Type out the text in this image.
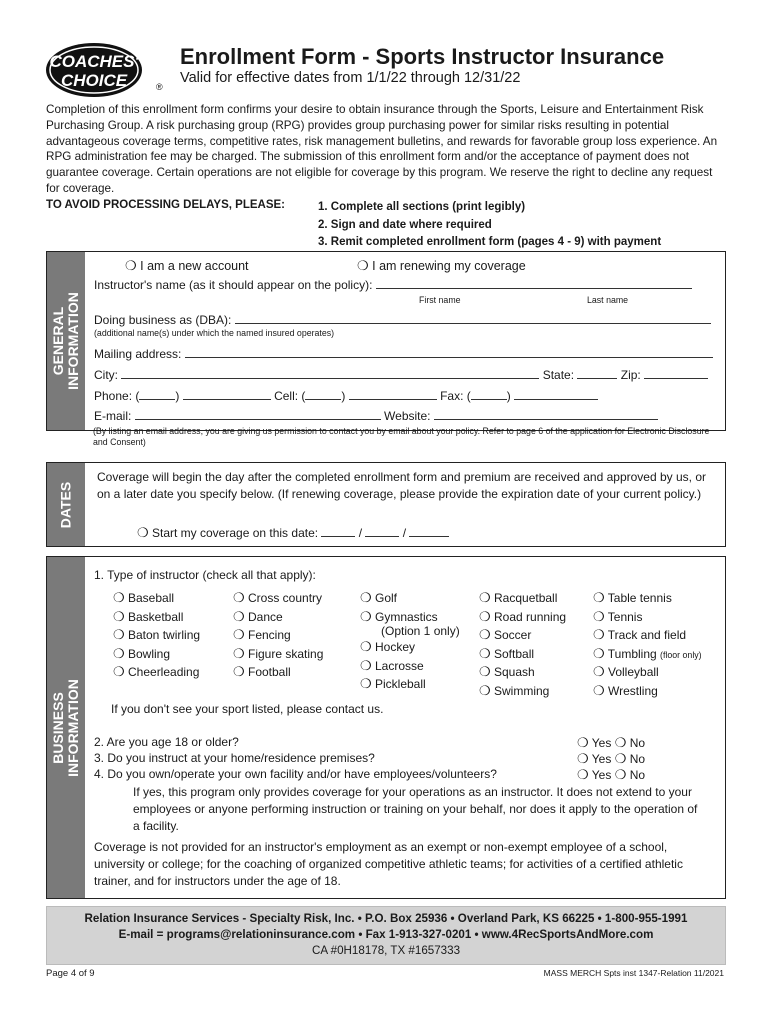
COACHES'
CHOICE	®
Enrollment Form - Sports Instructor Insurance
Valid for effective dates from 1/1/22 through 12/31/22
Completion of this enrollment form confirms your desire to obtain insurance through the Sports, Leisure and Entertainment Risk Purchasing Group. A risk purchasing group (RPG) provides group purchasing power for similar risks resulting in potential advantageous coverage terms, competitive rates, risk management bulletins, and rewards for favorable group loss experience. An RPG administration fee may be charged. The submission of this enrollment form and/or the acceptance of payment does not guarantee coverage. Certain operations are not eligible for coverage by this program. We reserve the right to decline any request for coverage.
TO AVOID PROCESSING DELAYS, PLEASE:	1. Complete all sections (print legibly)
2. Sign and date where required
3. Remit completed enrollment form (pages 4 - 9) with payment
GENERAL INFORMATION
❍ I am a new account	❍ I am renewing my coverage
Instructor's name (as it should appear on the policy):
First name	Last name
Doing business as (DBA):
(additional name(s) under which the named insured operates)
Mailing address:
City:	State:	Zip:
Phone: (	)	Cell: (	)	Fax: (	)
E-mail:	Website:
(By listing an email address, you are giving us permission to contact you by email about your policy. Refer to page 6 of the application for Electronic Disclosure and Consent)
DATES
Coverage will begin the day after the completed enrollment form and premium are received and approved by us, or on a later date you specify below. (If renewing coverage, please provide the expiration date of your current policy.)
❍ Start my coverage on this date:	/	/
BUSINESS INFORMATION
1. Type of instructor (check all that apply):
❍ Baseball
❍ Basketball
❍ Baton twirling
❍ Bowling
❍ Cheerleading
❍ Cross country
❍ Dance
❍ Fencing
❍ Figure skating
❍ Football
❍ Golf
❍ Gymnastics
(Option 1 only)
❍ Hockey
❍ Lacrosse
❍ Pickleball
❍ Racquetball
❍ Road running
❍ Soccer
❍ Softball
❍ Squash
❍ Swimming
❍ Table tennis
❍ Tennis
❍ Track and field
❍ Tumbling (floor only)
❍ Volleyball
❍ Wrestling
If you don't see your sport listed, please contact us.
2. Are you age 18 or older?	❍ Yes ❍ No
3. Do you instruct at your home/residence premises?	❍ Yes ❍ No
4. Do you own/operate your own facility and/or have employees/volunteers?	❍ Yes ❍ No
If yes, this program only provides coverage for your operations as an instructor. It does not extend to your employees or anyone performing instruction or training on your behalf, nor does it apply to the operation of a facility.
Coverage is not provided for an instructor's employment as an exempt or non-exempt employee of a school, university or college; for the coaching of organized competitive athletic teams; for activities of a certified athletic trainer, and for instructors under the age of 18.
Relation Insurance Services - Specialty Risk, Inc. • P.O. Box 25936 • Overland Park, KS 66225 • 1-800-955-1991
E-mail = programs@relationinsurance.com • Fax 1-913-327-0201 • www.4RecSportsAndMore.com
CA #0H18178, TX #1657333
Page 4 of 9	MASS MERCH Spts inst 1347-Relation 11/2021
